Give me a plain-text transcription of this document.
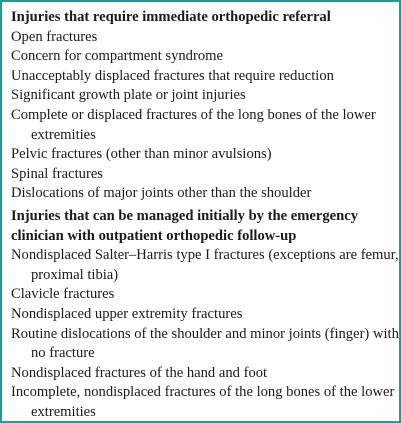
Injuries that require immediate orthopedic referral

Open fractures

Concern for compartment syndrome

Unacceptably displaced fractures that require reduction

Significant growth plate or joint injuries

Complete or displaced fractures of the long bones of the lower extremities

Pelvic fractures (other than minor avulsions)

Spinal fractures

Dislocations of major joints other than the shoulder

Injuries that can be managed initially by the emergency clinician with outpatient orthopedic follow-up

Nondisplaced Salter–Harris type I fractures (exceptions are femur, proximal tibia)

Clavicle fractures

Nondisplaced upper extremity fractures

Routine dislocations of the shoulder and minor joints (finger) with no fracture

Nondisplaced fractures of the hand and foot

Incomplete, nondisplaced fractures of the long bones of the lower extremities
